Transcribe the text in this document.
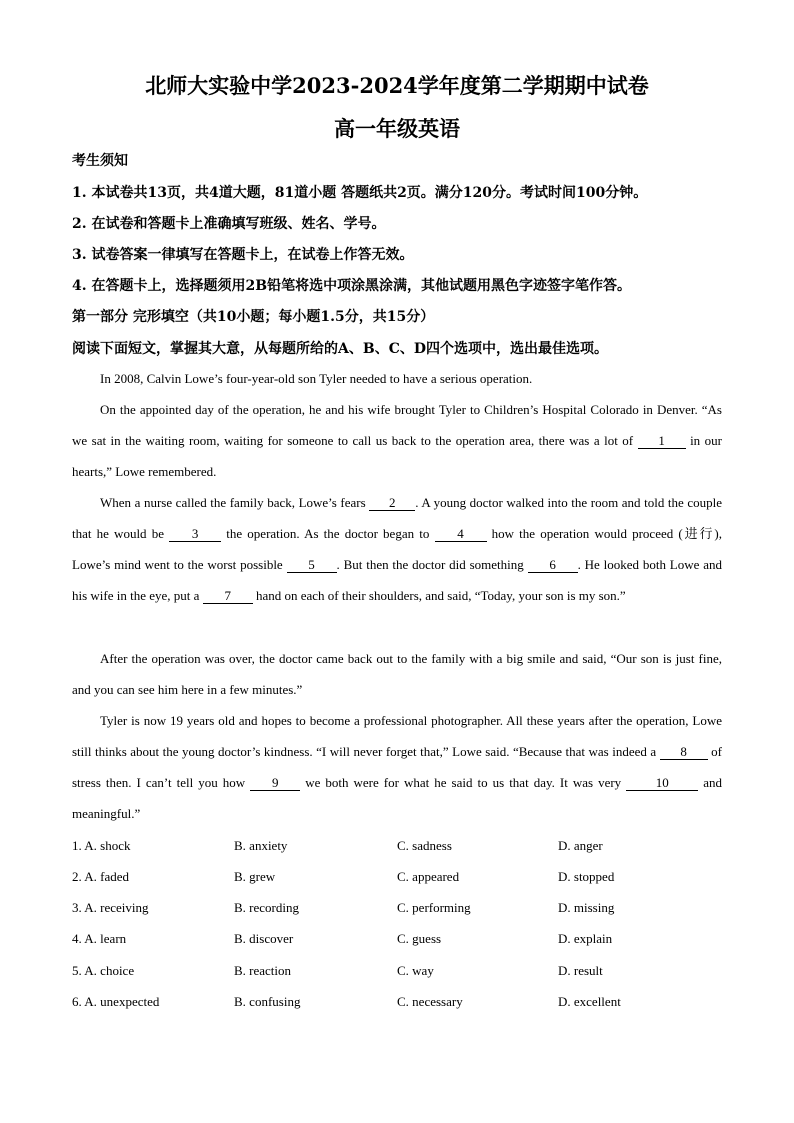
北师大实验中学2023-2024学年度第二学期期中试卷
高一年级英语
考生须知
1. 本试卷共13页，共4道大题，81道小题 答题纸共2页。满分120分。考试时间100分钟。
2. 在试卷和答题卡上准确填写班级、姓名、学号。
3. 试卷答案一律填写在答题卡上，在试卷上作答无效。
4. 在答题卡上，选择题须用2B铅笔将选中项涂黑涂满，其他试题用黑色字迹签字笔作答。
第一部分 完形填空（共10小题；每小题1.5分，共15分）
阅读下面短文，掌握其大意，从每题所给的A、B、C、D四个选项中，选出最佳选项。

In 2008, Calvin Lowe’s four-year-old son Tyler needed to have a serious operation.

On the appointed day of the operation, he and his wife brought Tyler to Children’s Hospital Colorado in Denver. “As we sat in the waiting room, waiting for someone to call us back to the operation area, there was a lot of 1 in our hearts,” Lowe remembered.

When a nurse called the family back, Lowe’s fears 2 . A young doctor walked into the room and told the couple that he would be 3 the operation. As the doctor began to 4 how the operation would proceed (进行), Lowe’s mind went to the worst possible 5 . But then the doctor did something 6 . He looked both Lowe and his wife in the eye, put a 7 hand on each of their shoulders, and said, “Today, your son is my son.”

After the operation was over, the doctor came back out to the family with a big smile and said, “Our son is just fine, and you can see him here in a few minutes.”

Tyler is now 19 years old and hopes to become a professional photographer. All these years after the operation, Lowe still thinks about the young doctor’s kindness. “I will never forget that,” Lowe said. “Because that was indeed a 8 of stress then. I can’t tell you how 9 we both were for what he said to us that day. It was very 10 and meaningful.”

1. A. shock	B. anxiety	C. sadness	D. anger
2. A. faded	B. grew	C. appeared	D. stopped
3. A. receiving	B. recording	C. performing	D. missing
4. A. learn	B. discover	C. guess	D. explain
5. A. choice	B. reaction	C. way	D. result
6. A. unexpected	B. confusing	C. necessary	D. excellent
